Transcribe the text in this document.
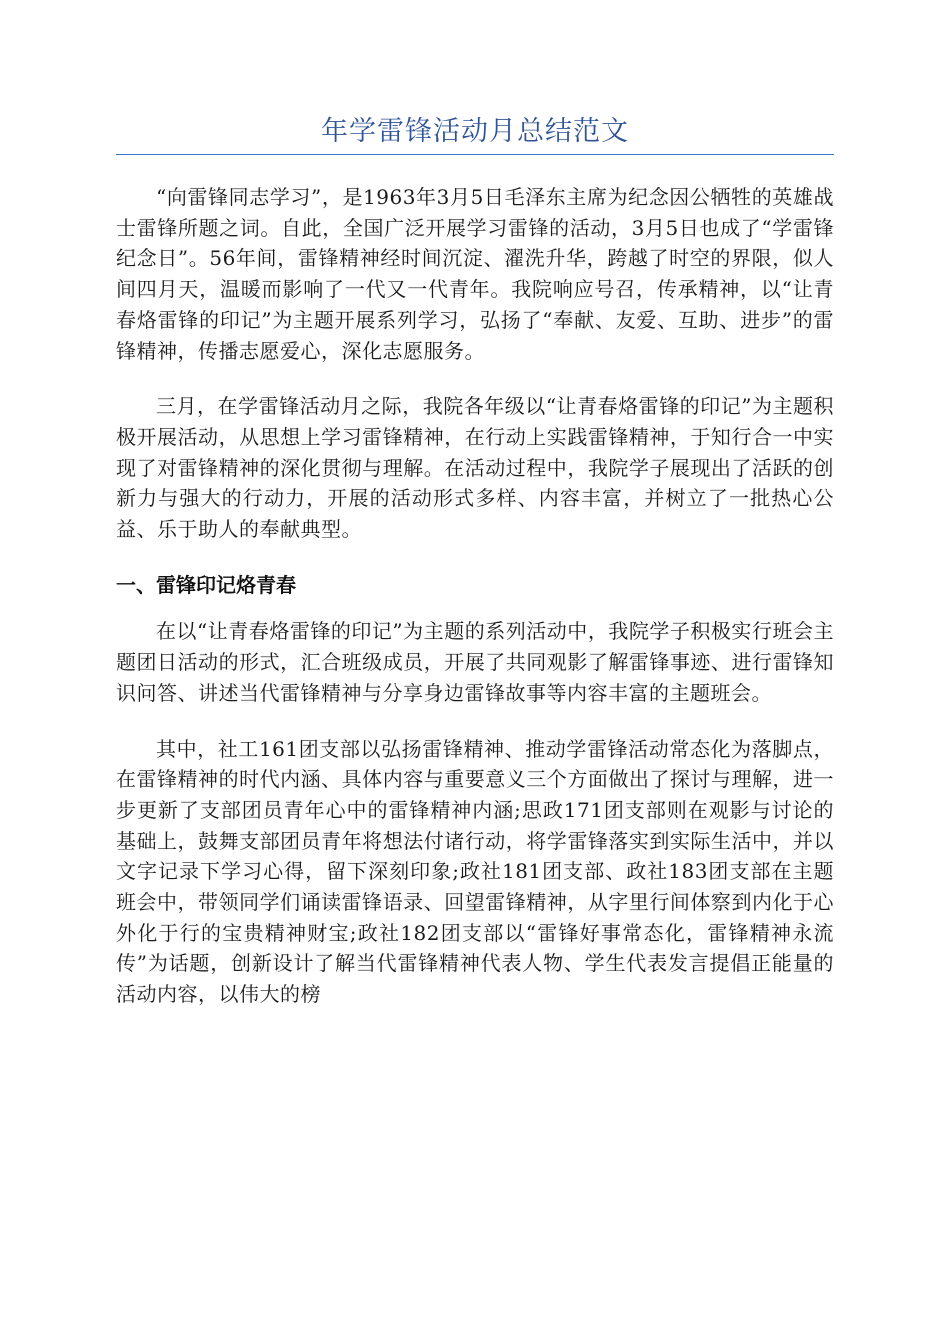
年学雷锋活动月总结范文

“向雷锋同志学习”，是1963年3月5日毛泽东主席为纪念因公牺牲的英雄战士雷锋所题之词。自此，全国广泛开展学习雷锋的活动，3月5日也成了“学雷锋纪念日”。56年间，雷锋精神经时间沉淀、濯洗升华，跨越了时空的界限，似人间四月天，温暖而影响了一代又一代青年。我院响应号召，传承精神，以“让青春烙雷锋的印记”为主题开展系列学习，弘扬了“奉献、友爱、互助、进步”的雷锋精神，传播志愿爱心，深化志愿服务。

三月，在学雷锋活动月之际，我院各年级以“让青春烙雷锋的印记”为主题积极开展活动，从思想上学习雷锋精神，在行动上实践雷锋精神，于知行合一中实现了对雷锋精神的深化贯彻与理解。在活动过程中，我院学子展现出了活跃的创新力与强大的行动力，开展的活动形式多样、内容丰富，并树立了一批热心公益、乐于助人的奉献典型。

一、雷锋印记烙青春

在以“让青春烙雷锋的印记”为主题的系列活动中，我院学子积极实行班会主题团日活动的形式，汇合班级成员，开展了共同观影了解雷锋事迹、进行雷锋知识问答、讲述当代雷锋精神与分享身边雷锋故事等内容丰富的主题班会。

其中，社工161团支部以弘扬雷锋精神、推动学雷锋活动常态化为落脚点，在雷锋精神的时代内涵、具体内容与重要意义三个方面做出了探讨与理解，进一步更新了支部团员青年心中的雷锋精神内涵;思政171团支部则在观影与讨论的基础上，鼓舞支部团员青年将想法付诸行动，将学雷锋落实到实际生活中，并以文字记录下学习心得，留下深刻印象;政社181团支部、政社183团支部在主题班会中，带领同学们诵读雷锋语录、回望雷锋精神，从字里行间体察到内化于心外化于行的宝贵精神财宝;政社182团支部以“雷锋好事常态化，雷锋精神永流传”为话题，创新设计了解当代雷锋精神代表人物、学生代表发言提倡正能量的活动内容，以伟大的榜
